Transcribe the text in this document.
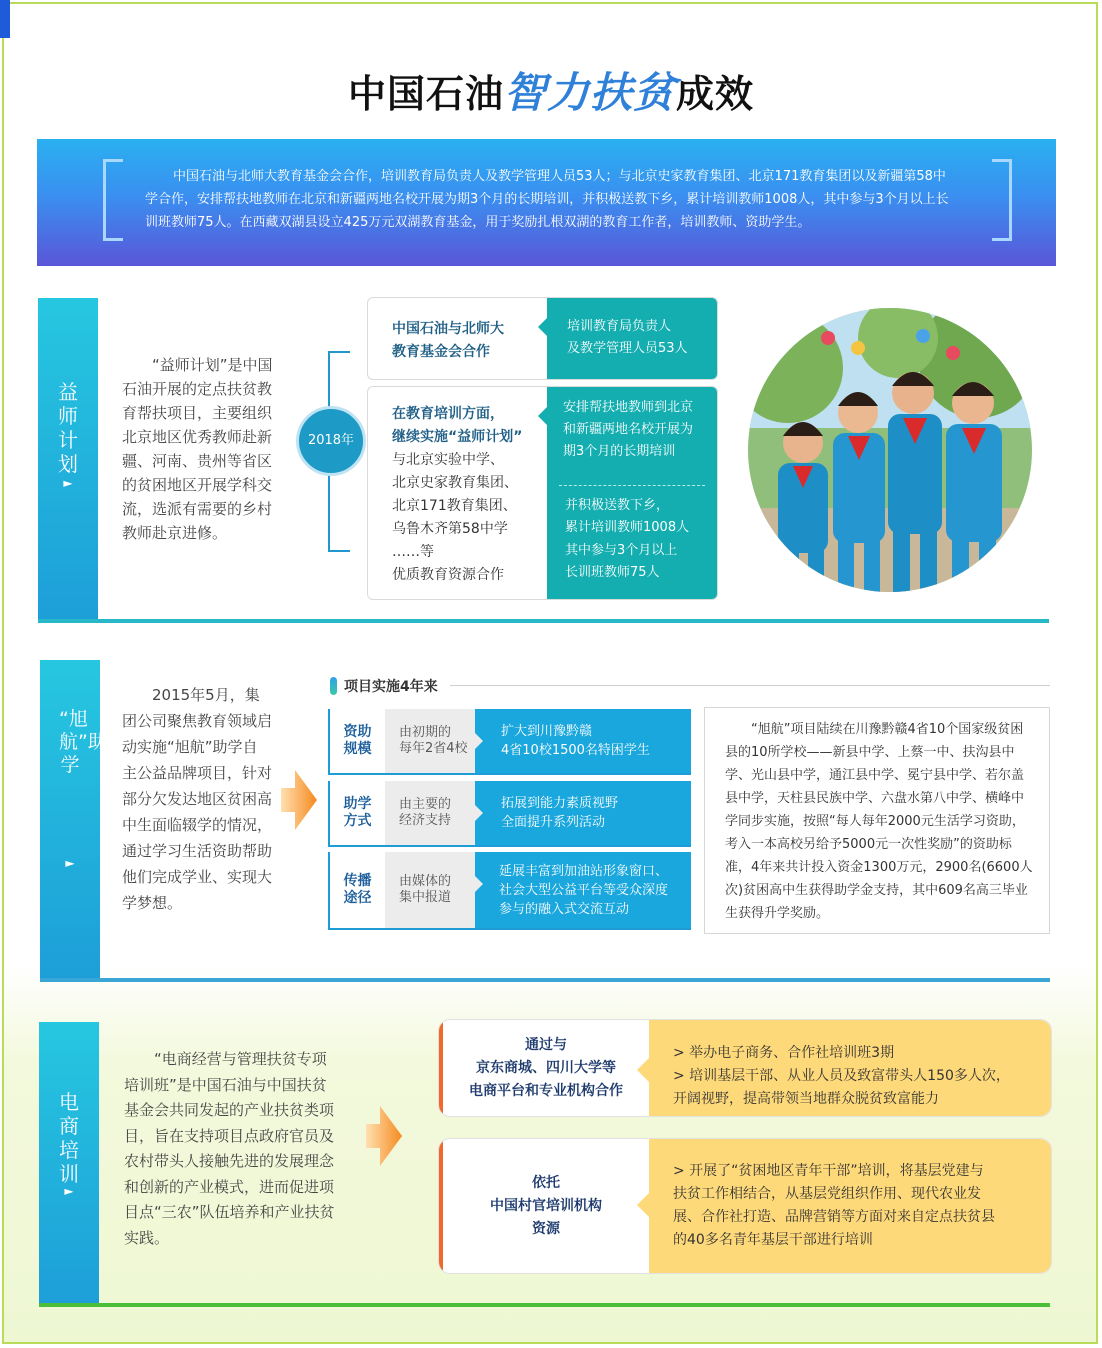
中国石油智力扶贫成效

中国石油与北师大教育基金会合作，培训教育局负责人及教学管理人员53人；与北京史家教育集团、北京171教育集团以及新疆第58中学合作，安排帮扶地教师在北京和新疆两地名校开展为期3个月的长期培训，并积极送教下乡，累计培训教师1008人，其中参与3个月以上长训班教师75人。在西藏双湖县设立425万元双湖教育基金，用于奖励扎根双湖的教育工作者，培训教师、资助学生。

益师计划
►
“益师计划”是中国石油开展的定点扶贫教育帮扶项目，主要组织北京地区优秀教师赴新疆、河南、贵州等省区的贫困地区开展学科交流，选派有需要的乡村教师赴京进修。
2018年
中国石油与北师大
教育基金会合作
培训教育局负责人
及教学管理人员53人
在教育培训方面，
继续实施“益师计划”
与北京实验中学、
北京史家教育集团、
北京171教育集团、
乌鲁木齐第58中学
……等
优质教育资源合作
安排帮扶地教师到北京
和新疆两地名校开展为
期3个月的长期培训
并积极送教下乡，
累计培训教师1008人
其中参与3个月以上
长训班教师75人
“旭航”助学
►
2015年5月，集团公司聚焦教育领域启动实施“旭航”助学自主公益品牌项目，针对部分欠发达地区贫困高中生面临辍学的情况，通过学习生活资助帮助他们完成学业、实现大学梦想。
项目实施4年来
资助
规模
由初期的
每年2省4校
扩大到川豫黔赣
4省10校1500名特困学生
助学
方式
由主要的
经济支持
拓展到能力素质视野
全面提升系列活动
传播
途径
由媒体的
集中报道
延展丰富到加油站形象窗口、
社会大型公益平台等受众深度
参与的融入式交流互动
“旭航”项目陆续在川豫黔赣4省10个国家级贫困县的10所学校——新县中学、上蔡一中、扶沟县中学、光山县中学，通江县中学、冕宁县中学、若尔盖县中学，天柱县民族中学、六盘水第八中学、横峰中学同步实施，按照“每人每年2000元生活学习资助，考入一本高校另给予5000元一次性奖励”的资助标准，4年来共计投入资金1300万元，2900名(6600人次)贫困高中生获得助学金支持，其中609名高三毕业生获得升学奖励。
电商培训
►
“电商经营与管理扶贫专项培训班”是中国石油与中国扶贫基金会共同发起的产业扶贫类项目，旨在支持项目点政府官员及农村带头人接触先进的发展理念和创新的产业模式，进而促进项目点“三农”队伍培养和产业扶贫实践。
通过与
京东商城、四川大学等
电商平台和专业机构合作
> 举办电子商务、合作社培训班3期
> 培训基层干部、从业人员及致富带头人150多人次，
开阔视野，提高带领当地群众脱贫致富能力
依托
中国村官培训机构
资源
> 开展了“贫困地区青年干部”培训，将基层党建与
扶贫工作相结合，从基层党组织作用、现代农业发
展、合作社打造、品牌营销等方面对来自定点扶贫县
的40多名青年基层干部进行培训
